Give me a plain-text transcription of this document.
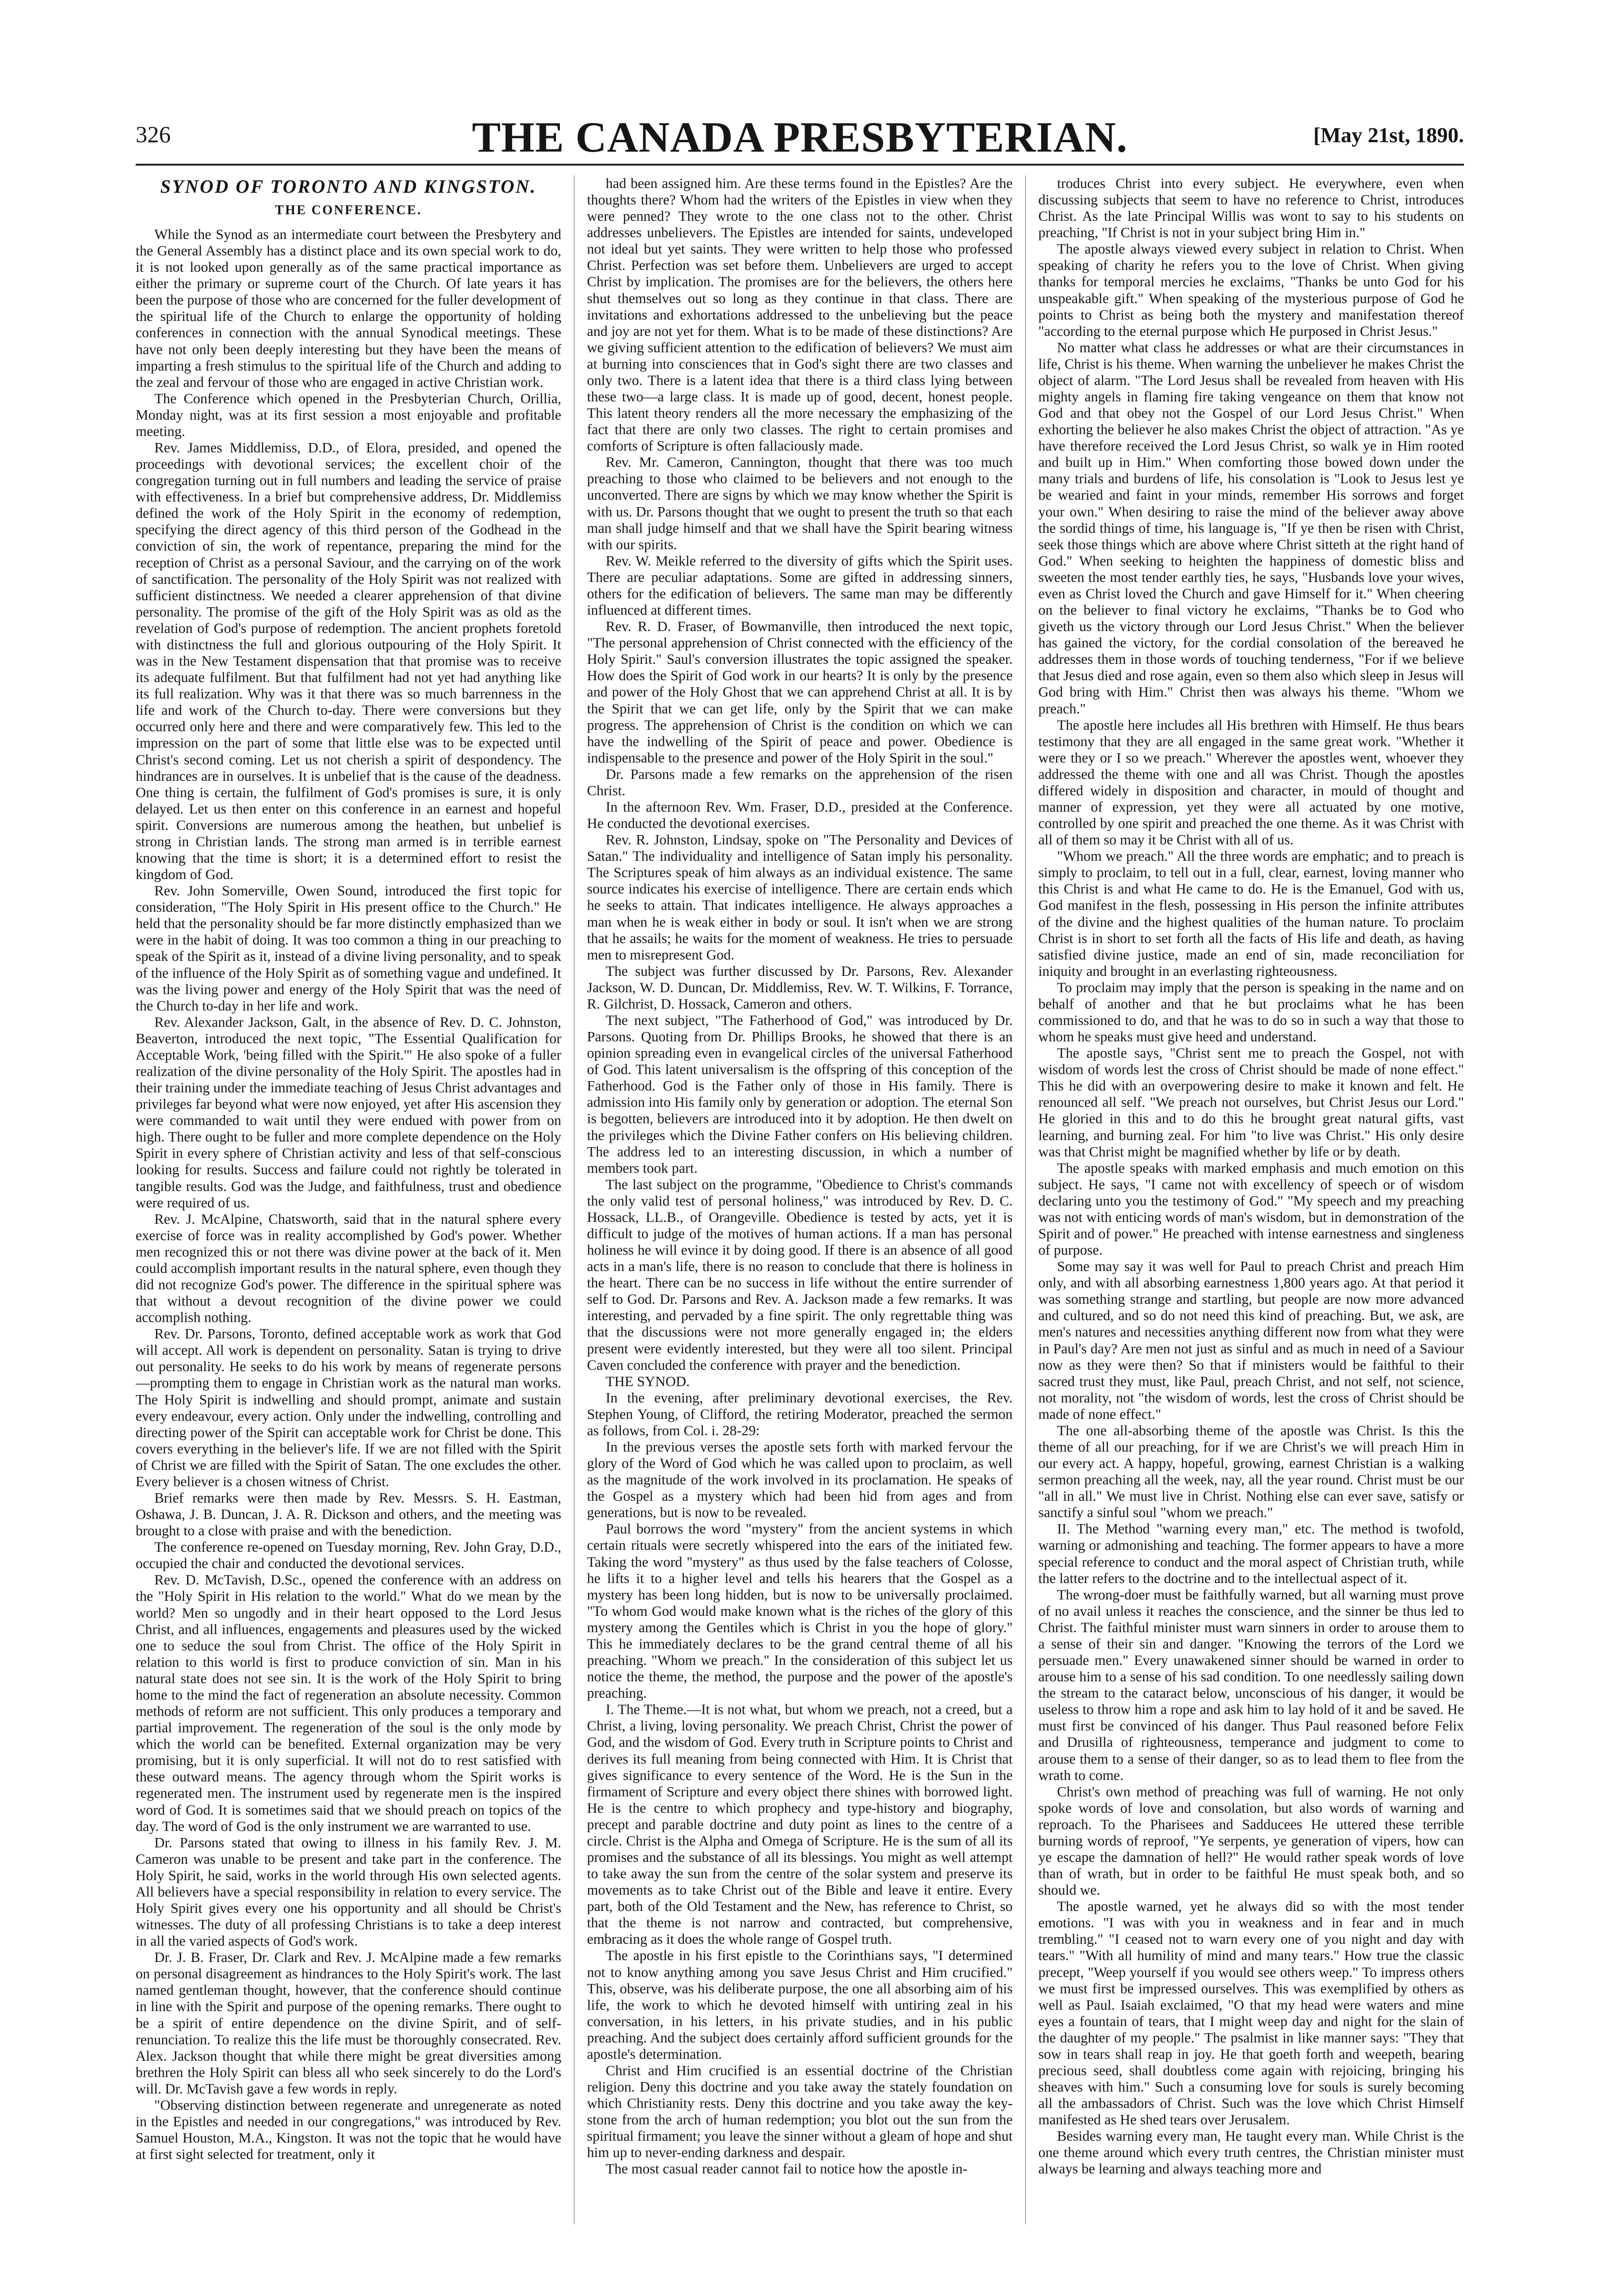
326	THE CANADA PRESBYTERIAN.	[May 21st, 1890.
SYNOD OF TORONTO AND KINGSTON.
THE CONFERENCE.

While the Synod as an intermediate court between the Presbytery and the General Assembly has a distinct place and its own special work to do, it is not looked upon generally as of the same practical importance as either the primary or supreme court of the Church. Of late years it has been the purpose of those who are concerned for the fuller development of the spiritual life of the Church to enlarge the opportunity of holding conferences in connection with the annual Synodical meetings. These have not only been deeply interesting but they have been the means of imparting a fresh stimulus to the spiritual life of the Church and adding to the zeal and fervour of those who are engaged in active Christian work.

The Conference which opened in the Presbyterian Church, Orillia, Monday night, was at its first session a most enjoyable and profitable meeting.

Rev. James Middlemiss, D.D., of Elora, presided, and opened the proceedings with devotional services; the excellent choir of the congregation turning out in full numbers and leading the service of praise with effectiveness. In a brief but comprehensive address, Dr. Middlemiss defined the work of the Holy Spirit in the economy of redemption, specifying the direct agency of this third person of the Godhead in the conviction of sin, the work of repentance, preparing the mind for the reception of Christ as a personal Saviour, and the carrying on of the work of sanctification. The personality of the Holy Spirit was not realized with sufficient distinctness. We needed a clearer apprehension of that divine personality. The promise of the gift of the Holy Spirit was as old as the revelation of God's purpose of redemption. The ancient prophets foretold with distinctness the full and glorious outpouring of the Holy Spirit. It was in the New Testament dispensation that that promise was to receive its adequate fulfilment. But that fulfilment had not yet had anything like its full realization. Why was it that there was so much barrenness in the life and work of the Church to-day. There were conversions but they occurred only here and there and were comparatively few. This led to the impression on the part of some that little else was to be expected until Christ's second coming. Let us not cherish a spirit of despondency. The hindrances are in ourselves. It is unbelief that is the cause of the deadness. One thing is certain, the fulfilment of God's promises is sure, it is only delayed. Let us then enter on this conference in an earnest and hopeful spirit. Conversions are numerous among the heathen, but unbelief is strong in Christian lands. The strong man armed is in terrible earnest knowing that the time is short; it is a determined effort to resist the kingdom of God.

Rev. John Somerville, Owen Sound, introduced the first topic for consideration, "The Holy Spirit in His present office to the Church." He held that the personality should be far more distinctly emphasized than we were in the habit of doing. It was too common a thing in our preaching to speak of the Spirit as it, instead of a divine living personality, and to speak of the influence of the Holy Spirit as of something vague and undefined. It was the living power and energy of the Holy Spirit that was the need of the Church to-day in her life and work.

Rev. Alexander Jackson, Galt, in the absence of Rev. D. C. Johnston, Beaverton, introduced the next topic, "The Essential Qualification for Acceptable Work, 'being filled with the Spirit.'" He also spoke of a fuller realization of the divine personality of the Holy Spirit. The apostles had in their training under the immediate teaching of Jesus Christ advantages and privileges far beyond what were now enjoyed, yet after His ascension they were commanded to wait until they were endued with power from on high. There ought to be fuller and more complete dependence on the Holy Spirit in every sphere of Christian activity and less of that self-conscious looking for results. Success and failure could not rightly be tolerated in tangible results. God was the Judge, and faithfulness, trust and obedience were required of us.

Rev. J. McAlpine, Chatsworth, said that in the natural sphere every exercise of force was in reality accomplished by God's power. Whether men recognized this or not there was divine power at the back of it. Men could accomplish important results in the natural sphere, even though they did not recognize God's power. The difference in the spiritual sphere was that without a devout recognition of the divine power we could accomplish nothing.

Rev. Dr. Parsons, Toronto, defined acceptable work as work that God will accept. All work is dependent on personality. Satan is trying to drive out personality. He seeks to do his work by means of regenerate persons—prompting them to engage in Christian work as the natural man works. The Holy Spirit is indwelling and should prompt, animate and sustain every endeavour, every action. Only under the indwelling, controlling and directing power of the Spirit can acceptable work for Christ be done. This covers everything in the believer's life. If we are not filled with the Spirit of Christ we are filled with the Spirit of Satan. The one excludes the other. Every believer is a chosen witness of Christ.

Brief remarks were then made by Rev. Messrs. S. H. Eastman, Oshawa, J. B. Duncan, J. A. R. Dickson and others, and the meeting was brought to a close with praise and with the benediction.

The conference re-opened on Tuesday morning, Rev. John Gray, D.D., occupied the chair and conducted the devotional services.

Rev. D. McTavish, D.Sc., opened the conference with an address on the "Holy Spirit in His relation to the world." What do we mean by the world? Men so ungodly and in their heart opposed to the Lord Jesus Christ, and all influences, engagements and pleasures used by the wicked one to seduce the soul from Christ. The office of the Holy Spirit in relation to this world is first to produce conviction of sin. Man in his natural state does not see sin. It is the work of the Holy Spirit to bring home to the mind the fact of regeneration an absolute necessity. Common methods of reform are not sufficient. This only produces a temporary and partial improvement. The regeneration of the soul is the only mode by which the world can be benefited. External organization may be very promising, but it is only superficial. It will not do to rest satisfied with these outward means. The agency through whom the Spirit works is regenerated men. The instrument used by regenerate men is the inspired word of God. It is sometimes said that we should preach on topics of the day. The word of God is the only instrument we are warranted to use.

Dr. Parsons stated that owing to illness in his family Rev. J. M. Cameron was unable to be present and take part in the conference. The Holy Spirit, he said, works in the world through His own selected agents. All believers have a special responsibility in relation to every service. The Holy Spirit gives every one his opportunity and all should be Christ's witnesses. The duty of all professing Christians is to take a deep interest in all the varied aspects of God's work.

Dr. J. B. Fraser, Dr. Clark and Rev. J. McAlpine made a few remarks on personal disagreement as hindrances to the Holy Spirit's work. The last named gentleman thought, however, that the conference should continue in line with the Spirit and purpose of the opening remarks. There ought to be a spirit of entire dependence on the divine Spirit, and of self-renunciation. To realize this the life must be thoroughly consecrated. Rev. Alex. Jackson thought that while there might be great diversities among brethren the Holy Spirit can bless all who seek sincerely to do the Lord's will. Dr. McTavish gave a few words in reply.

"Observing distinction between regenerate and unregenerate as noted in the Epistles and needed in our congregations," was introduced by Rev. Samuel Houston, M.A., Kingston. It was not the topic that he would have at first sight selected for treatment, only it

had been assigned him. Are these terms found in the Epistles? Are the thoughts there? Whom had the writers of the Epistles in view when they were penned? They wrote to the one class not to the other. Christ addresses unbelievers. The Epistles are intended for saints, undeveloped not ideal but yet saints. They were written to help those who professed Christ. Perfection was set before them. Unbelievers are urged to accept Christ by implication. The promises are for the believers, the others here shut themselves out so long as they continue in that class. There are invitations and exhortations addressed to the unbelieving but the peace and joy are not yet for them. What is to be made of these distinctions? Are we giving sufficient attention to the edification of believers? We must aim at burning into consciences that in God's sight there are two classes and only two. There is a latent idea that there is a third class lying between these two—a large class. It is made up of good, decent, honest people. This latent theory renders all the more necessary the emphasizing of the fact that there are only two classes. The right to certain promises and comforts of Scripture is often fallaciously made.

Rev. Mr. Cameron, Cannington, thought that there was too much preaching to those who claimed to be believers and not enough to the unconverted. There are signs by which we may know whether the Spirit is with us. Dr. Parsons thought that we ought to present the truth so that each man shall judge himself and that we shall have the Spirit bearing witness with our spirits.

Rev. W. Meikle referred to the diversity of gifts which the Spirit uses. There are peculiar adaptations. Some are gifted in addressing sinners, others for the edification of believers. The same man may be differently influenced at different times.

Rev. R. D. Fraser, of Bowmanville, then introduced the next topic, "The personal apprehension of Christ connected with the efficiency of the Holy Spirit." Saul's conversion illustrates the topic assigned the speaker. How does the Spirit of God work in our hearts? It is only by the presence and power of the Holy Ghost that we can apprehend Christ at all. It is by the Spirit that we can get life, only by the Spirit that we can make progress. The apprehension of Christ is the condition on which we can have the indwelling of the Spirit of peace and power. Obedience is indispensable to the presence and power of the Holy Spirit in the soul."

Dr. Parsons made a few remarks on the apprehension of the risen Christ.

In the afternoon Rev. Wm. Fraser, D.D., presided at the Conference. He conducted the devotional exercises.

Rev. R. Johnston, Lindsay, spoke on "The Personality and Devices of Satan." The individuality and intelligence of Satan imply his personality. The Scriptures speak of him always as an individual existence. The same source indicates his exercise of intelligence. There are certain ends which he seeks to attain. That indicates intelligence. He always approaches a man when he is weak either in body or soul. It isn't when we are strong that he assails; he waits for the moment of weakness. He tries to persuade men to misrepresent God.

The subject was further discussed by Dr. Parsons, Rev. Alexander Jackson, W. D. Duncan, Dr. Middlemiss, Rev. W. T. Wilkins, F. Torrance, R. Gilchrist, D. Hossack, Cameron and others.

The next subject, "The Fatherhood of God," was introduced by Dr. Parsons. Quoting from Dr. Phillips Brooks, he showed that there is an opinion spreading even in evangelical circles of the universal Fatherhood of God. This latent universalism is the offspring of this conception of the Fatherhood. God is the Father only of those in His family. There is admission into His family only by generation or adoption. The eternal Son is begotten, believers are introduced into it by adoption. He then dwelt on the privileges which the Divine Father confers on His believing children. The address led to an interesting discussion, in which a number of members took part.

The last subject on the programme, "Obedience to Christ's commands the only valid test of personal holiness," was introduced by Rev. D. C. Hossack, LL.B., of Orangeville. Obedience is tested by acts, yet it is difficult to judge of the motives of human actions. If a man has personal holiness he will evince it by doing good. If there is an absence of all good acts in a man's life, there is no reason to conclude that there is holiness in the heart. There can be no success in life without the entire surrender of self to God. Dr. Parsons and Rev. A. Jackson made a few remarks. It was interesting, and pervaded by a fine spirit. The only regrettable thing was that the discussions were not more generally engaged in; the elders present were evidently interested, but they were all too silent. Principal Caven concluded the conference with prayer and the benediction.

THE SYNOD.

In the evening, after preliminary devotional exercises, the Rev. Stephen Young, of Clifford, the retiring Moderator, preached the sermon as follows, from Col. i. 28-29:

In the previous verses the apostle sets forth with marked fervour the glory of the Word of God which he was called upon to proclaim, as well as the magnitude of the work involved in its proclamation. He speaks of the Gospel as a mystery which had been hid from ages and from generations, but is now to be revealed.

Paul borrows the word "mystery" from the ancient systems in which certain rituals were secretly whispered into the ears of the initiated few. Taking the word "mystery" as thus used by the false teachers of Colosse, he lifts it to a higher level and tells his hearers that the Gospel as a mystery has been long hidden, but is now to be universally proclaimed. "To whom God would make known what is the riches of the glory of this mystery among the Gentiles which is Christ in you the hope of glory." This he immediately declares to be the grand central theme of all his preaching. "Whom we preach." In the consideration of this subject let us notice the theme, the method, the purpose and the power of the apostle's preaching.

I. The Theme.—It is not what, but whom we preach, not a creed, but a Christ, a living, loving personality. We preach Christ, Christ the power of God, and the wisdom of God. Every truth in Scripture points to Christ and derives its full meaning from being connected with Him. It is Christ that gives significance to every sentence of the Word. He is the Sun in the firmament of Scripture and every object there shines with borrowed light. He is the centre to which prophecy and type-history and biography, precept and parable doctrine and duty point as lines to the centre of a circle. Christ is the Alpha and Omega of Scripture. He is the sum of all its promises and the substance of all its blessings. You might as well attempt to take away the sun from the centre of the solar system and preserve its movements as to take Christ out of the Bible and leave it entire. Every part, both of the Old Testament and the New, has reference to Christ, so that the theme is not narrow and contracted, but comprehensive, embracing as it does the whole range of Gospel truth.

The apostle in his first epistle to the Corinthians says, "I determined not to know anything among you save Jesus Christ and Him crucified." This, observe, was his deliberate purpose, the one all absorbing aim of his life, the work to which he devoted himself with untiring zeal in his conversation, in his letters, in his private studies, and in his public preaching. And the subject does certainly afford sufficient grounds for the apostle's determination.

Christ and Him crucified is an essential doctrine of the Christian religion. Deny this doctrine and you take away the stately foundation on which Christianity rests. Deny this doctrine and you take away the key-stone from the arch of human redemption; you blot out the sun from the spiritual firmament; you leave the sinner without a gleam of hope and shut him up to never-ending darkness and despair.

The most casual reader cannot fail to notice how the apostle in-

troduces Christ into every subject. He everywhere, even when discussing subjects that seem to have no reference to Christ, introduces Christ. As the late Principal Willis was wont to say to his students on preaching, "If Christ is not in your subject bring Him in."

The apostle always viewed every subject in relation to Christ. When speaking of charity he refers you to the love of Christ. When giving thanks for temporal mercies he exclaims, "Thanks be unto God for his unspeakable gift." When speaking of the mysterious purpose of God he points to Christ as being both the mystery and manifestation thereof "according to the eternal purpose which He purposed in Christ Jesus."

No matter what class he addresses or what are their circumstances in life, Christ is his theme. When warning the unbeliever he makes Christ the object of alarm. "The Lord Jesus shall be revealed from heaven with His mighty angels in flaming fire taking vengeance on them that know not God and that obey not the Gospel of our Lord Jesus Christ." When exhorting the believer he also makes Christ the object of attraction. "As ye have therefore received the Lord Jesus Christ, so walk ye in Him rooted and built up in Him." When comforting those bowed down under the many trials and burdens of life, his consolation is "Look to Jesus lest ye be wearied and faint in your minds, remember His sorrows and forget your own." When desiring to raise the mind of the believer away above the sordid things of time, his language is, "If ye then be risen with Christ, seek those things which are above where Christ sitteth at the right hand of God." When seeking to heighten the happiness of domestic bliss and sweeten the most tender earthly ties, he says, "Husbands love your wives, even as Christ loved the Church and gave Himself for it." When cheering on the believer to final victory he exclaims, "Thanks be to God who giveth us the victory through our Lord Jesus Christ." When the believer has gained the victory, for the cordial consolation of the bereaved he addresses them in those words of touching tenderness, "For if we believe that Jesus died and rose again, even so them also which sleep in Jesus will God bring with Him." Christ then was always his theme. "Whom we preach."

The apostle here includes all His brethren with Himself. He thus bears testimony that they are all engaged in the same great work. "Whether it were they or I so we preach." Wherever the apostles went, whoever they addressed the theme with one and all was Christ. Though the apostles differed widely in disposition and character, in mould of thought and manner of expression, yet they were all actuated by one motive, controlled by one spirit and preached the one theme. As it was Christ with all of them so may it be Christ with all of us.

"Whom we preach." All the three words are emphatic; and to preach is simply to proclaim, to tell out in a full, clear, earnest, loving manner who this Christ is and what He came to do. He is the Emanuel, God with us, God manifest in the flesh, possessing in His person the infinite attributes of the divine and the highest qualities of the human nature. To proclaim Christ is in short to set forth all the facts of His life and death, as having satisfied divine justice, made an end of sin, made reconciliation for iniquity and brought in an everlasting righteousness.

To proclaim may imply that the person is speaking in the name and on behalf of another and that he but proclaims what he has been commissioned to do, and that he was to do so in such a way that those to whom he speaks must give heed and understand.

The apostle says, "Christ sent me to preach the Gospel, not with wisdom of words lest the cross of Christ should be made of none effect." This he did with an overpowering desire to make it known and felt. He renounced all self. "We preach not ourselves, but Christ Jesus our Lord." He gloried in this and to do this he brought great natural gifts, vast learning, and burning zeal. For him "to live was Christ." His only desire was that Christ might be magnified whether by life or by death.

The apostle speaks with marked emphasis and much emotion on this subject. He says, "I came not with excellency of speech or of wisdom declaring unto you the testimony of God." "My speech and my preaching was not with enticing words of man's wisdom, but in demonstration of the Spirit and of power." He preached with intense earnestness and singleness of purpose.

Some may say it was well for Paul to preach Christ and preach Him only, and with all absorbing earnestness 1,800 years ago. At that period it was something strange and startling, but people are now more advanced and cultured, and so do not need this kind of preaching. But, we ask, are men's natures and necessities anything different now from what they were in Paul's day? Are men not just as sinful and as much in need of a Saviour now as they were then? So that if ministers would be faithful to their sacred trust they must, like Paul, preach Christ, and not self, not science, not morality, not "the wisdom of words, lest the cross of Christ should be made of none effect."

The one all-absorbing theme of the apostle was Christ. Is this the theme of all our preaching, for if we are Christ's we will preach Him in our every act. A happy, hopeful, growing, earnest Christian is a walking sermon preaching all the week, nay, all the year round. Christ must be our "all in all." We must live in Christ. Nothing else can ever save, satisfy or sanctify a sinful soul "whom we preach."

II. The Method "warning every man," etc. The method is twofold, warning or admonishing and teaching. The former appears to have a more special reference to conduct and the moral aspect of Christian truth, while the latter refers to the doctrine and to the intellectual aspect of it.

The wrong-doer must be faithfully warned, but all warning must prove of no avail unless it reaches the conscience, and the sinner be thus led to Christ. The faithful minister must warn sinners in order to arouse them to a sense of their sin and danger. "Knowing the terrors of the Lord we persuade men." Every unawakened sinner should be warned in order to arouse him to a sense of his sad condition. To one needlessly sailing down the stream to the cataract below, unconscious of his danger, it would be useless to throw him a rope and ask him to lay hold of it and be saved. He must first be convinced of his danger. Thus Paul reasoned before Felix and Drusilla of righteousness, temperance and judgment to come to arouse them to a sense of their danger, so as to lead them to flee from the wrath to come.

Christ's own method of preaching was full of warning. He not only spoke words of love and consolation, but also words of warning and reproach. To the Pharisees and Sadducees He uttered these terrible burning words of reproof, "Ye serpents, ye generation of vipers, how can ye escape the damnation of hell?" He would rather speak words of love than of wrath, but in order to be faithful He must speak both, and so should we.

The apostle warned, yet he always did so with the most tender emotions. "I was with you in weakness and in fear and in much trembling." "I ceased not to warn every one of you night and day with tears." "With all humility of mind and many tears." How true the classic precept, "Weep yourself if you would see others weep." To impress others we must first be impressed ourselves. This was exemplified by others as well as Paul. Isaiah exclaimed, "O that my head were waters and mine eyes a fountain of tears, that I might weep day and night for the slain of the daughter of my people." The psalmist in like manner says: "They that sow in tears shall reap in joy. He that goeth forth and weepeth, bearing precious seed, shall doubtless come again with rejoicing, bringing his sheaves with him." Such a consuming love for souls is surely becoming all the ambassadors of Christ. Such was the love which Christ Himself manifested as He shed tears over Jerusalem.

Besides warning every man, He taught every man. While Christ is the one theme around which every truth centres, the Christian minister must always be learning and always teaching more and
